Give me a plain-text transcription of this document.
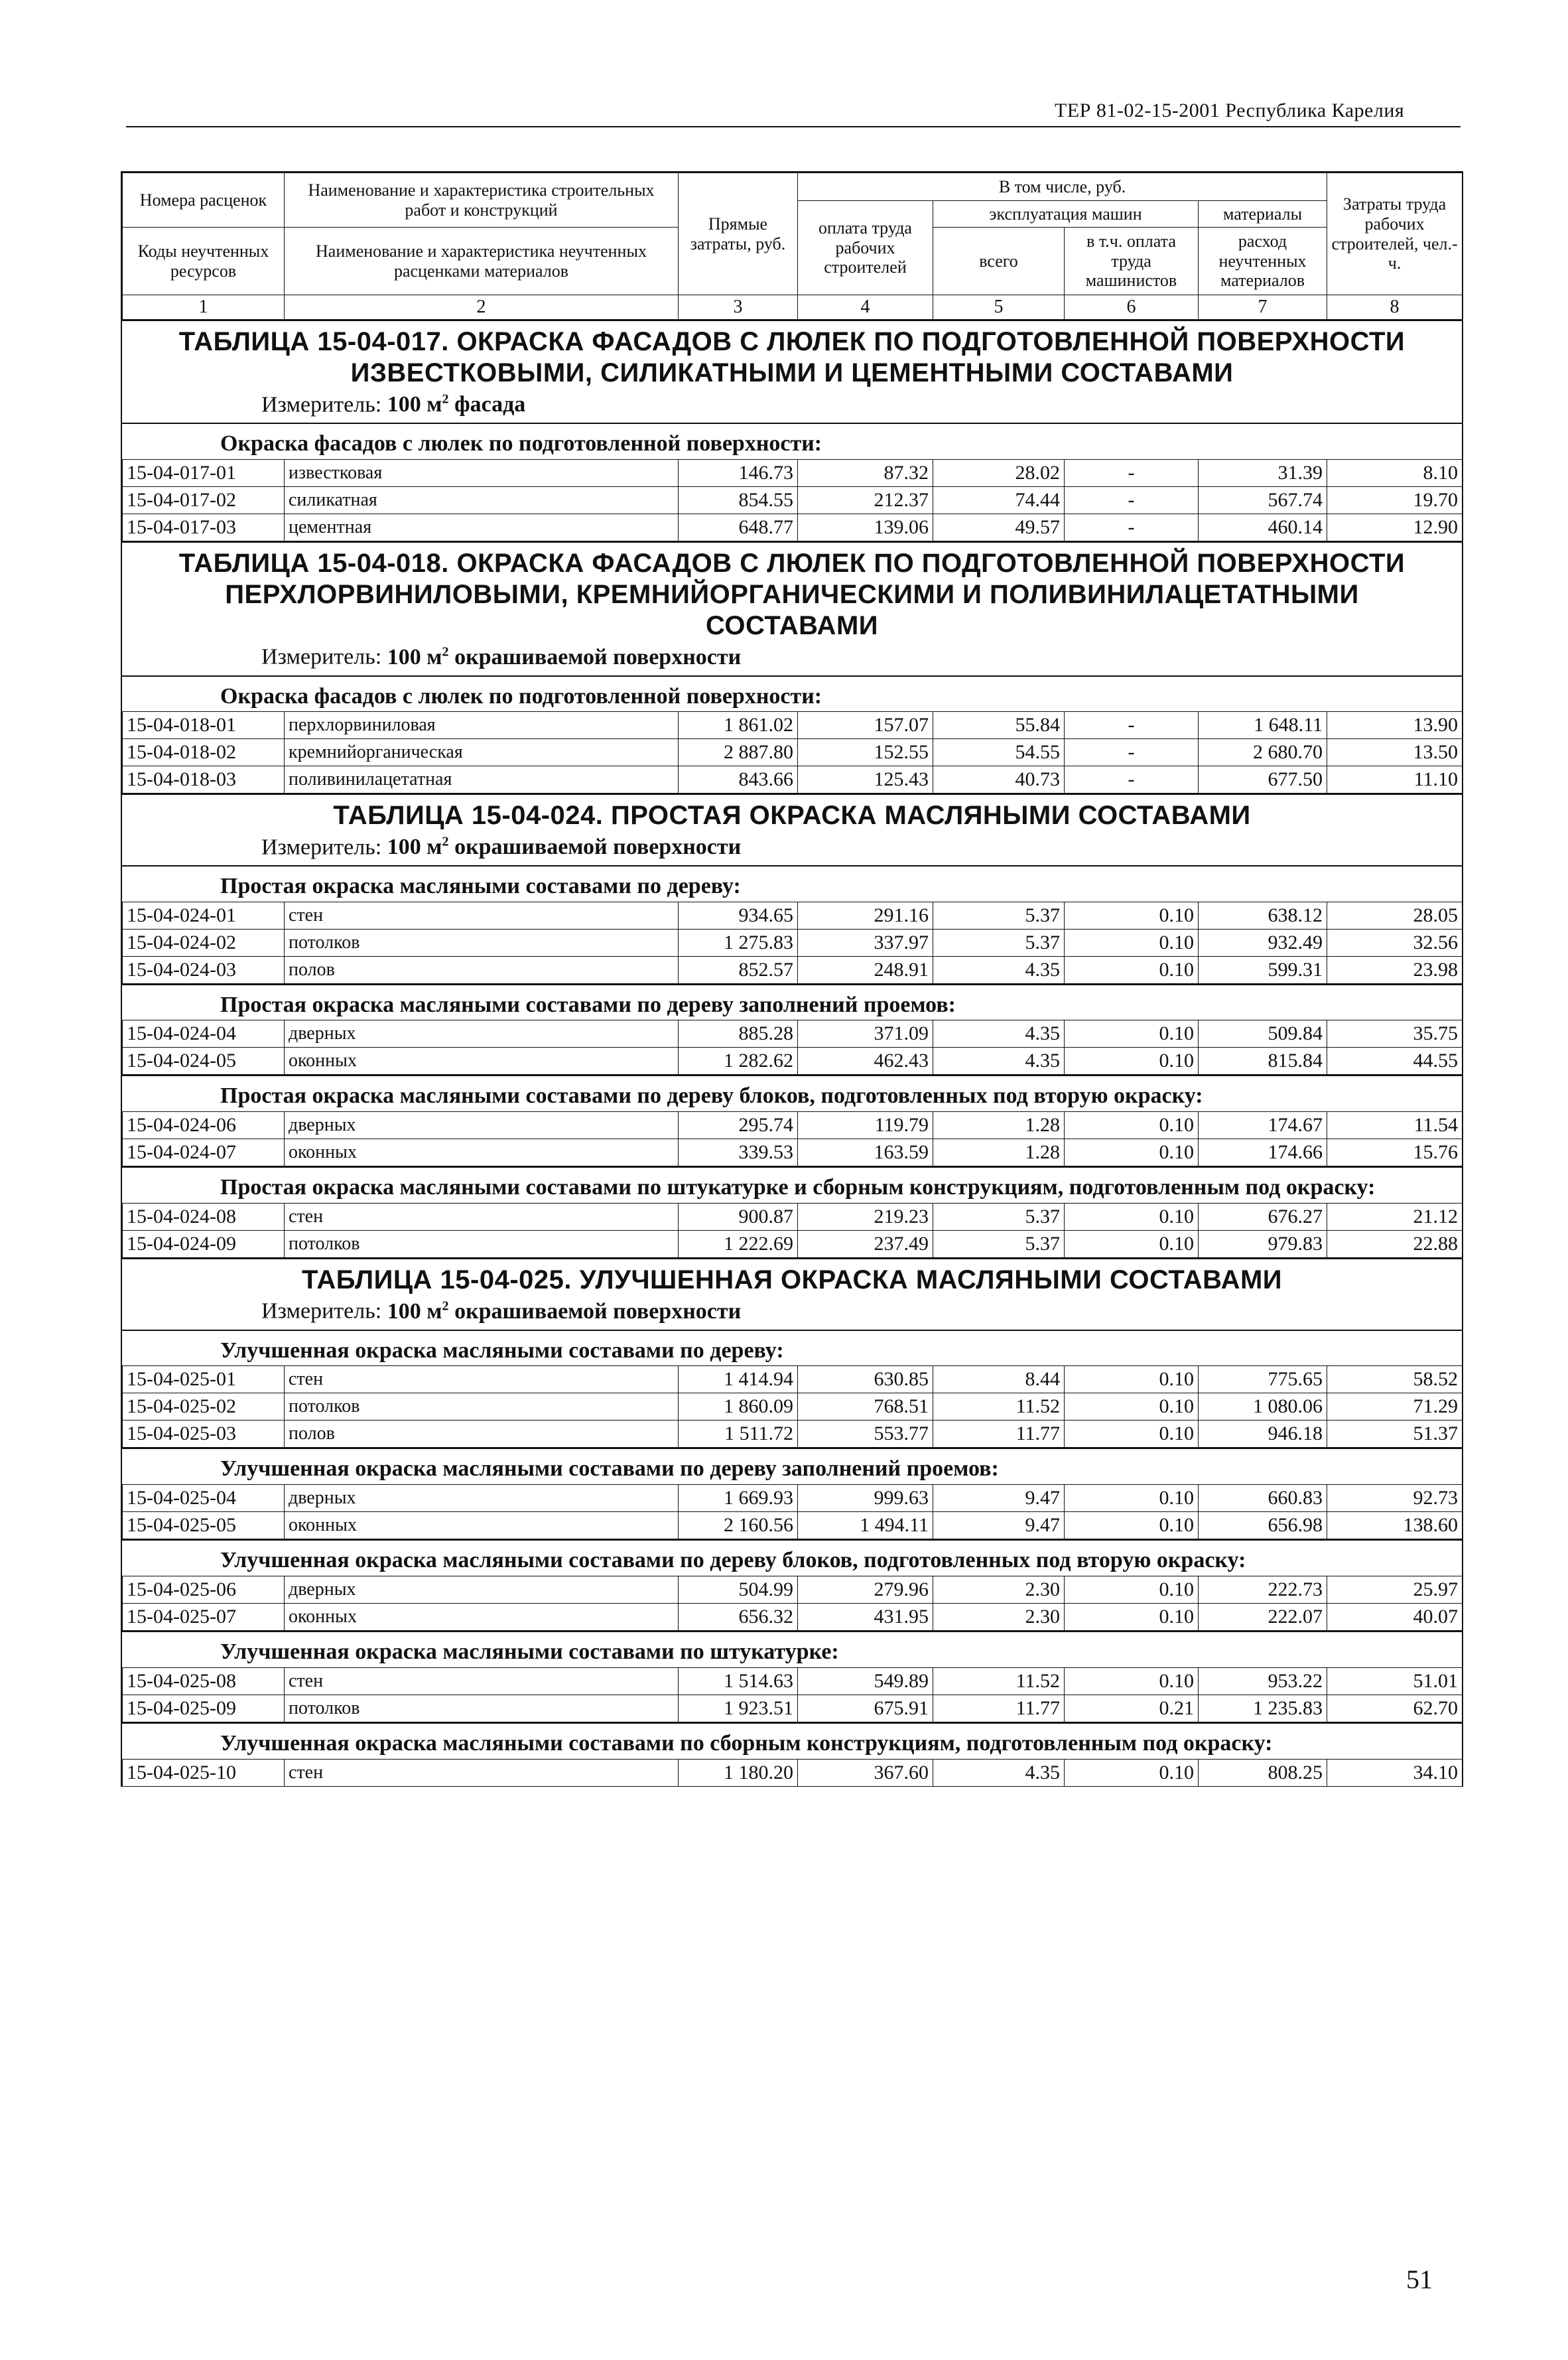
ТЕР 81-02-15-2001 Республика Карелия
Номера расценок	Наименование и характеристика строительных работ и конструкций	Прямые затраты, руб.	В том числе, руб.				Затраты труда рабочих строителей, чел.-ч.
			оплата труда рабочих строителей	эксплуатация машин		материалы	
Коды неучтенных ресурсов	Наименование и характеристика неучтенных расценками материалов			всего	в т.ч. оплата труда машинистов	расход неучтенных материалов	

1	2	3	4	5	6	7	8
ТАБЛИЦА 15-04-017. ОКРАСКА ФАСАДОВ С ЛЮЛЕК ПО ПОДГОТОВЛЕННОЙ ПОВЕРХНОСТИ ИЗВЕСТКОВЫМИ, СИЛИКАТНЫМИ И ЦЕМЕНТНЫМИ СОСТАВАМИ
Измеритель: 100 $м^2$ фасада
Окраска фасадов с люлек по подготовленной поверхности:
15-04-017-01	известковая	146.73	87.32	28.02	-	31.39	8.10
15-04-017-02	силикатная	854.55	212.37	74.44	-	567.74	19.70
15-04-017-03	цементная	648.77	139.06	49.57	-	460.14	12.90
ТАБЛИЦА 15-04-018. ОКРАСКА ФАСАДОВ С ЛЮЛЕК ПО ПОДГОТОВЛЕННОЙ ПОВЕРХНОСТИ ПЕРХЛОРВИНИЛОВЫМИ, КРЕМНИЙОРГАНИЧЕСКИМИ И ПОЛИВИНИЛАЦЕТАТНЫМИ СОСТАВАМИ
Измеритель: 100 $м^2$ окрашиваемой поверхности
Окраска фасадов с люлек по подготовленной поверхности:
15-04-018-01	перхлорвиниловая	1 861.02	157.07	55.84	-	1 648.11	13.90
15-04-018-02	кремнийорганическая	2 887.80	152.55	54.55	-	2 680.70	13.50
15-04-018-03	поливинилацетатная	843.66	125.43	40.73	-	677.50	11.10
ТАБЛИЦА 15-04-024. ПРОСТАЯ ОКРАСКА МАСЛЯНЫМИ СОСТАВАМИ
Измеритель: 100 $м^2$ окрашиваемой поверхности
Простая окраска масляными составами по дереву:
15-04-024-01	стен	934.65	291.16	5.37	0.10	638.12	28.05
15-04-024-02	потолков	1 275.83	337.97	5.37	0.10	932.49	32.56
15-04-024-03	полов	852.57	248.91	4.35	0.10	599.31	23.98
Простая окраска масляными составами по дереву заполнений проемов:
15-04-024-04	дверных	885.28	371.09	4.35	0.10	509.84	35.75
15-04-024-05	оконных	1 282.62	462.43	4.35	0.10	815.84	44.55
Простая окраска масляными составами по дереву блоков, подготовленных под вторую окраску:
15-04-024-06	дверных	295.74	119.79	1.28	0.10	174.67	11.54
15-04-024-07	оконных	339.53	163.59	1.28	0.10	174.66	15.76
Простая окраска масляными составами по штукатурке и сборным конструкциям, подготовленным под окраску:
15-04-024-08	стен	900.87	219.23	5.37	0.10	676.27	21.12
15-04-024-09	потолков	1 222.69	237.49	5.37	0.10	979.83	22.88
ТАБЛИЦА 15-04-025. УЛУЧШЕННАЯ ОКРАСКА МАСЛЯНЫМИ СОСТАВАМИ
Измеритель: 100 $м^2$ окрашиваемой поверхности
Улучшенная окраска масляными составами по дереву:
15-04-025-01	стен	1 414.94	630.85	8.44	0.10	775.65	58.52
15-04-025-02	потолков	1 860.09	768.51	11.52	0.10	1 080.06	71.29
15-04-025-03	полов	1 511.72	553.77	11.77	0.10	946.18	51.37
Улучшенная окраска масляными составами по дереву заполнений проемов:
15-04-025-04	дверных	1 669.93	999.63	9.47	0.10	660.83	92.73
15-04-025-05	оконных	2 160.56	1 494.11	9.47	0.10	656.98	138.60
Улучшенная окраска масляными составами по дереву блоков, подготовленных под вторую окраску:
15-04-025-06	дверных	504.99	279.96	2.30	0.10	222.73	25.97
15-04-025-07	оконных	656.32	431.95	2.30	0.10	222.07	40.07
Улучшенная окраска масляными составами по штукатурке:
15-04-025-08	стен	1 514.63	549.89	11.52	0.10	953.22	51.01
15-04-025-09	потолков	1 923.51	675.91	11.77	0.21	1 235.83	62.70
Улучшенная окраска масляными составами по сборным конструкциям, подготовленным под окраску:
15-04-025-10	стен	1 180.20	367.60	4.35	0.10	808.25	34.10
51
